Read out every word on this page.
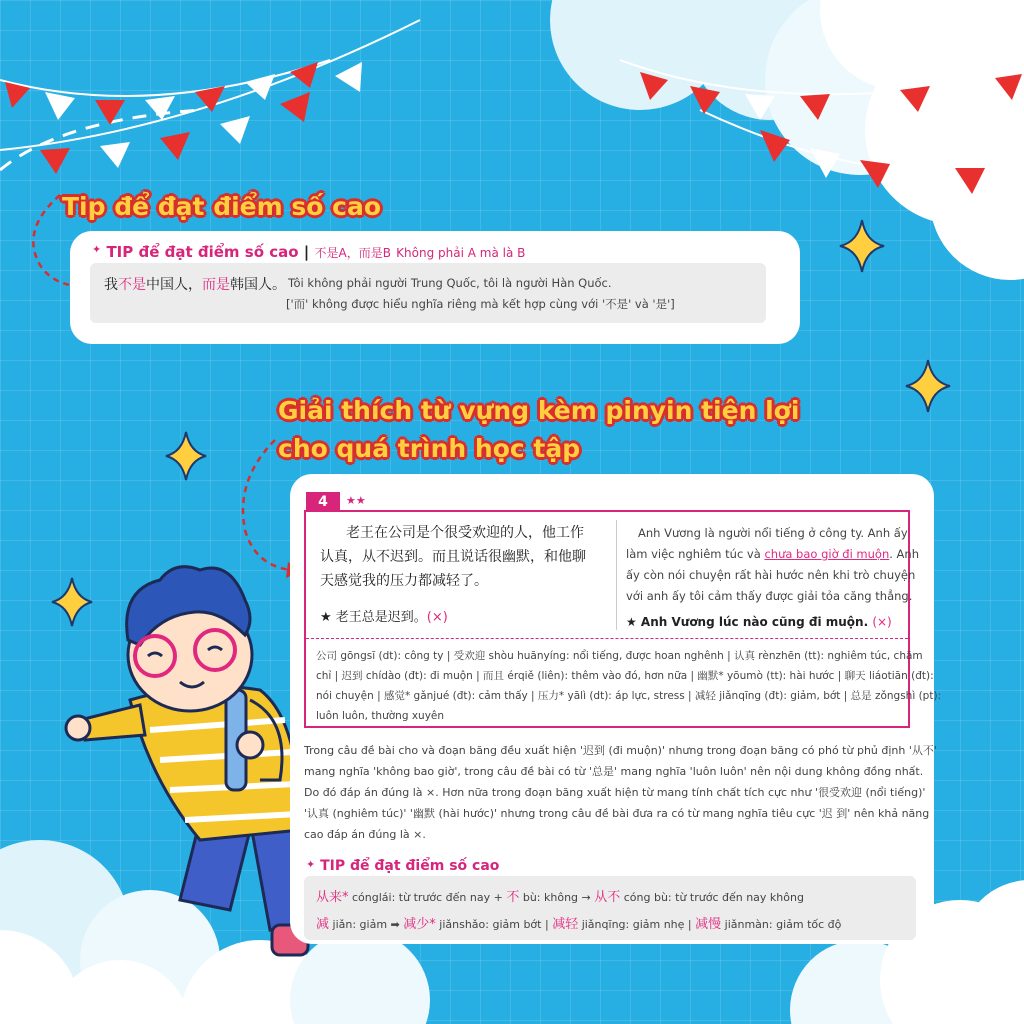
Tip để đạt điểm số cao
✦ TIP để đạt điểm số cao | 不是A，而是B Không phải A mà là B
我不是中国人，而是韩国人。 Tôi không phải người Trung Quốc, tôi là người Hàn Quốc.
['而' không được hiểu nghĩa riêng mà kết hợp cùng với '不是' và '是']
Giải thích từ vựng kèm pinyin tiện lợi
cho quá trình học tập
4	★★
老王在公司是个很受欢迎的人，他工作
认真，从不迟到。而且说话很幽默，和他聊
天感觉我的压力都减轻了。
★ 老王总是迟到。(×)
Anh Vương là người nổi tiếng ở công ty. Anh ấy
làm việc nghiêm túc và chưa bao giờ đi muộn. Anh
ấy còn nói chuyện rất hài hước nên khi trò chuyện
với anh ấy tôi cảm thấy được giải tỏa căng thẳng.
★ Anh Vương lúc nào cũng đi muộn. (×)
公司 gōngsī (dt): công ty | 受欢迎 shòu huānyíng: nổi tiếng, được hoan nghênh | 认真 rènzhēn (tt): nghiêm túc, chăm
chỉ | 迟到 chídào (đt): đi muộn | 而且 érqiě (liên): thêm vào đó, hơn nữa | 幽默* yōumò (tt): hài hước | 聊天 liáotiān (đt):
nói chuyện | 感觉* gǎnjué (đt): cảm thấy | 压力* yālì (dt): áp lực, stress | 减轻 jiǎnqīng (đt): giảm, bớt | 总是 zǒngshì (pt):
luôn luôn, thường xuyên
Trong câu đề bài cho và đoạn băng đều xuất hiện '迟到 (đi muộn)' nhưng trong đoạn băng có phó từ phủ định '从不'
mang nghĩa 'không bao giờ', trong câu đề bài có từ '总是' mang nghĩa 'luôn luôn' nên nội dung không đồng nhất.
Do đó đáp án đúng là ×. Hơn nữa trong đoạn băng xuất hiện từ mang tính chất tích cực như '很受欢迎 (nổi tiếng)'
'认真 (nghiêm túc)' '幽默 (hài hước)' nhưng trong câu đề bài đưa ra có từ mang nghĩa tiêu cực '迟 到' nên khả năng
cao đáp án đúng là ×.
✦ TIP để đạt điểm số cao
从来* cónglái: từ trước đến nay + 不 bù: không → 从不 cóng bù: từ trước đến nay không
减 jiǎn: giảm ➡ 减少* jiǎnshǎo: giảm bớt | 减轻 jiǎnqīng: giảm nhẹ | 减慢 jiǎnmàn: giảm tốc độ
